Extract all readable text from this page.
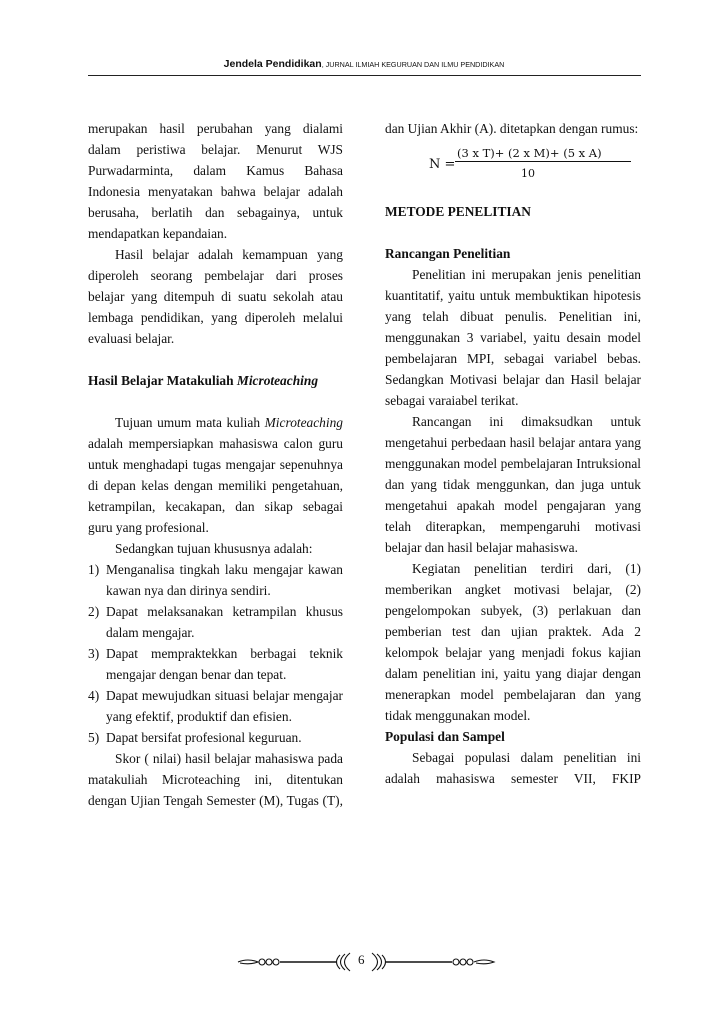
Jendela Pendidikan, JURNAL ILMIAH KEGURUAN DAN ILMU PENDIDIKAN

merupakan hasil perubahan yang dialami dalam peristiwa belajar. Menurut WJS Purwadarminta, dalam Kamus Bahasa Indonesia menyatakan bahwa belajar adalah berusaha, berlatih dan sebagainya, untuk mendapatkan kepandaian.

Hasil belajar adalah kemampuan yang diperoleh seorang pembelajar dari proses belajar yang ditempuh di suatu sekolah atau lembaga pendidikan, yang diperoleh melalui evaluasi belajar.

Hasil Belajar Matakuliah Microteaching

Tujuan umum mata kuliah Microteaching adalah mempersiapkan mahasiswa calon guru untuk menghadapi tugas mengajar sepenuhnya di depan kelas dengan memiliki pengetahuan, ketrampilan, kecakapan, dan sikap sebagai guru yang profesional.

Sedangkan tujuan khususnya adalah:

1) Menganalisa tingkah laku mengajar kawan kawan nya dan dirinya sendiri.
2) Dapat melaksanakan ketrampilan khusus dalam mengajar.
3) Dapat mempraktekkan berbagai teknik mengajar dengan benar dan tepat.
4) Dapat mewujudkan situasi belajar mengajar yang efektif, produktif dan efisien.
5) Dapat bersifat profesional keguruan.

Skor ( nilai) hasil belajar mahasiswa pada matakuliah Microteaching ini, ditentukan dengan Ujian Tengah Semester (M), Tugas (T),

dan Ujian Akhir (A). ditetapkan dengan rumus:

N =
(3 x T)+ (2 x M)+ (5 x A)
10

METODE PENELITIAN

Rancangan Penelitian

Penelitian ini merupakan jenis penelitian kuantitatif, yaitu untuk membuktikan hipotesis yang telah dibuat penulis. Penelitian ini, menggunakan 3 variabel, yaitu desain model pembelajaran MPI, sebagai variabel bebas. Sedangkan Motivasi belajar dan Hasil belajar sebagai varaiabel terikat.

Rancangan ini dimaksudkan untuk mengetahui perbedaan hasil belajar antara yang menggunakan model pembelajaran Intruksional dan yang tidak menggunkan, dan juga untuk mengetahui apakah model pengajaran yang telah diterapkan, mempengaruhi motivasi belajar dan hasil belajar mahasiswa.

Kegiatan penelitian terdiri dari, (1) memberikan angket motivasi belajar, (2) pengelompokan subyek, (3) perlakuan dan pemberian test dan ujian praktek. Ada 2 kelompok belajar yang menjadi fokus kajian dalam penelitian ini, yaitu yang diajar dengan menerapkan model pembelajaran dan yang tidak menggunakan model.

Populasi dan Sampel

Sebagai populasi dalam penelitian ini adalah mahasiswa semester VII, FKIP

6
